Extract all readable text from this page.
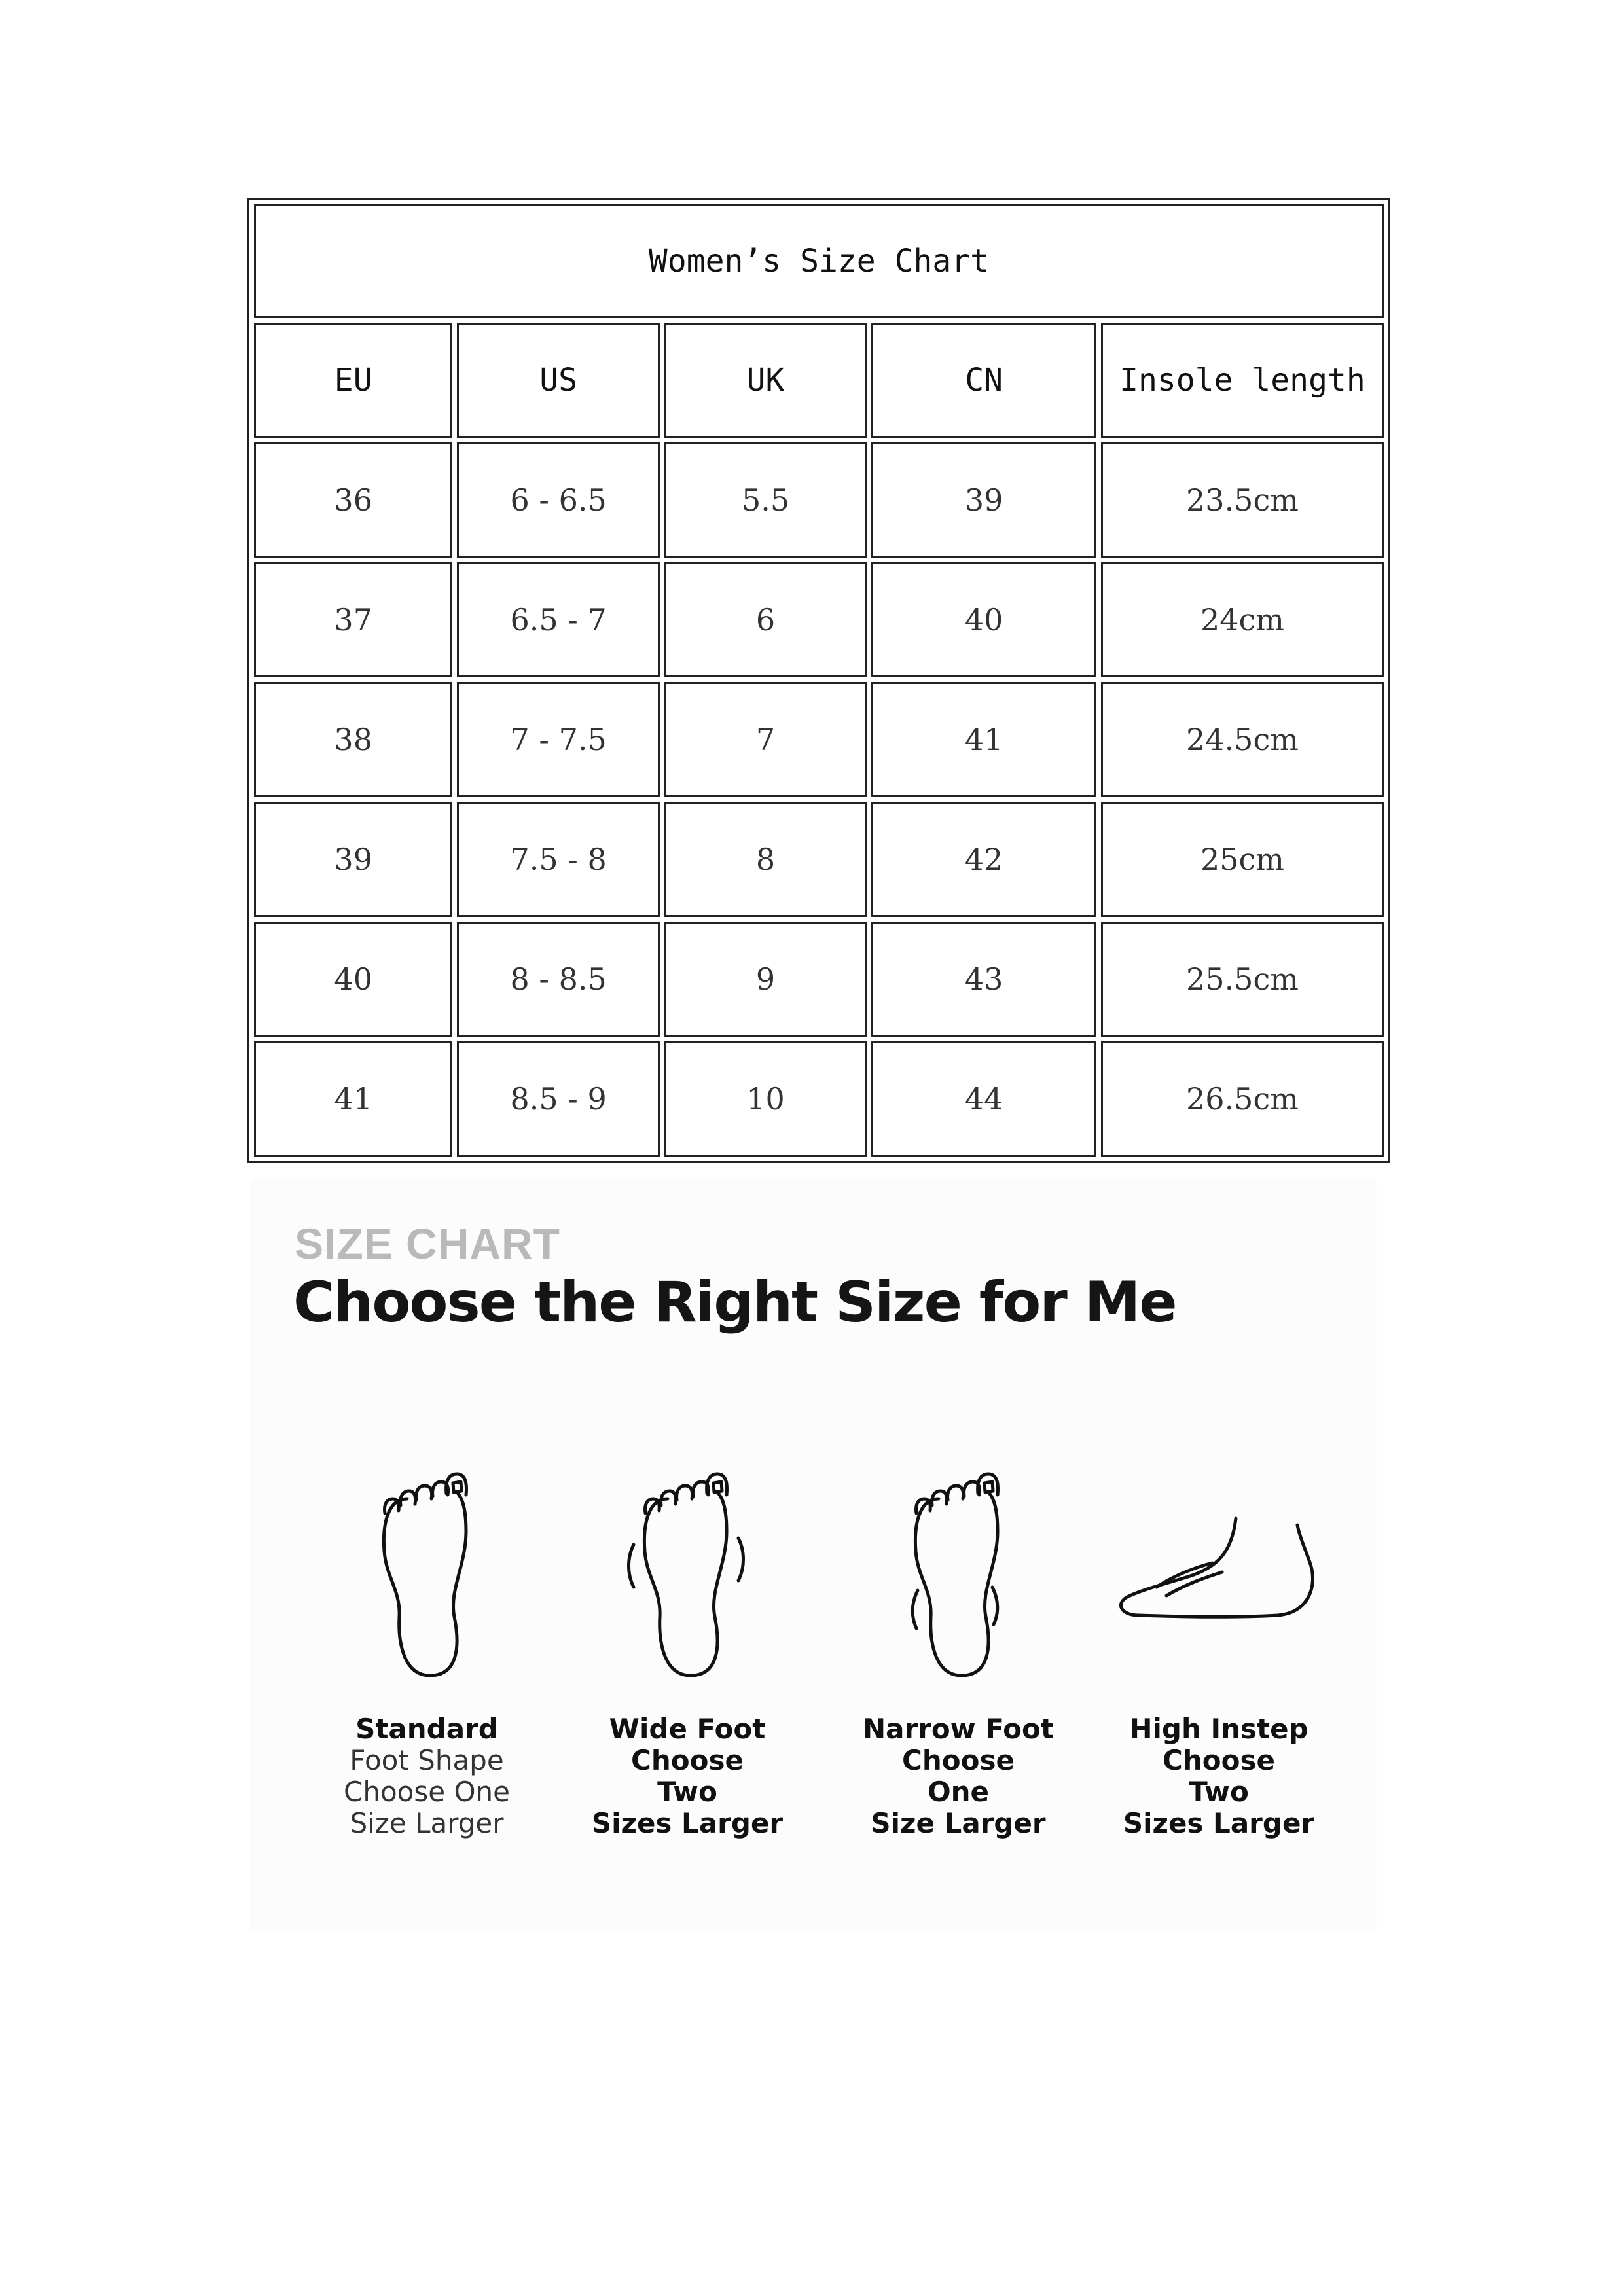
Women’s Size Chart				
EU	US	UK	CN	Insole length
36	6 - 6.5	5.5	39	23.5cm
37	6.5 - 7	6	40	24cm
38	7 - 7.5	7	41	24.5cm
39	7.5 - 8	8	42	25cm
40	8 - 8.5	9	43	25.5cm
41	8.5 - 9	10	44	26.5cm
SIZE CHART
Choose the Right Size for Me
Standard
Foot Shape
Choose One
Size Larger
Wide Foot
Choose
Two
Sizes Larger
Narrow Foot
Choose
One
Size Larger
High Instep
Choose
Two
Sizes Larger
